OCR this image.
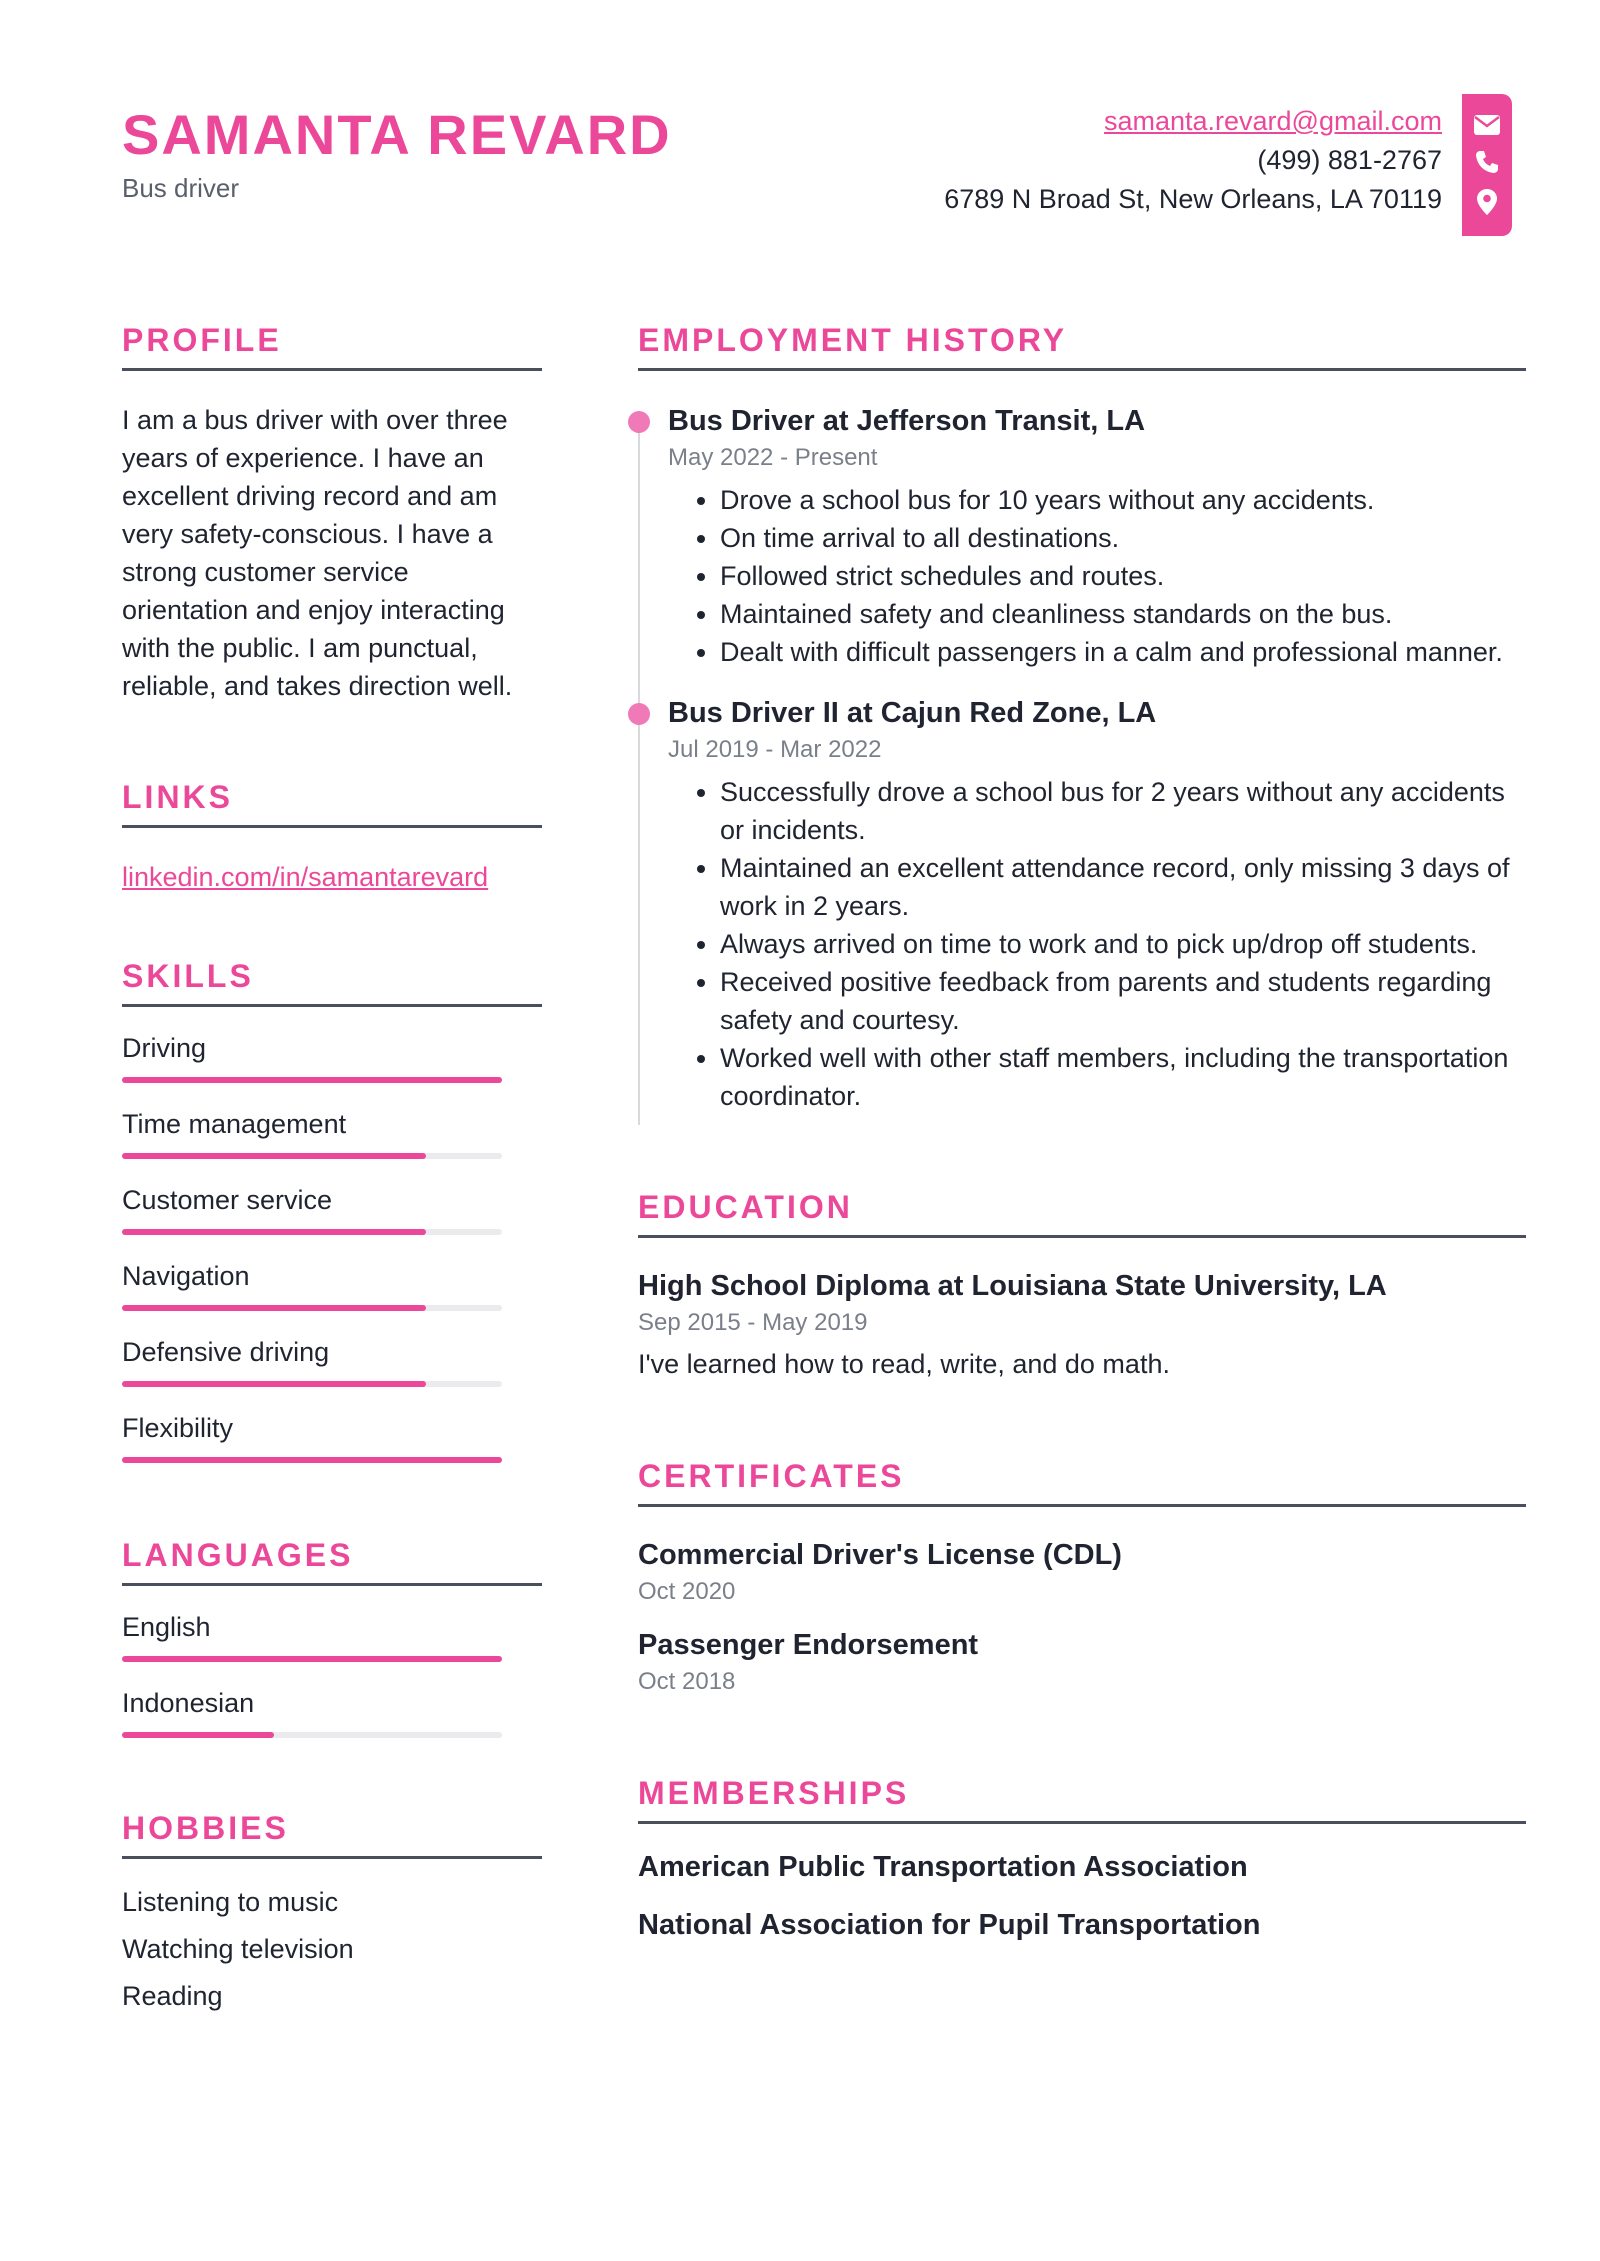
SAMANTA REVARD
Bus driver
samanta.revard@gmail.com
(499) 881-2767
6789 N Broad St, New Orleans, LA 70119
PROFILE
I am a bus driver with over three years of experience. I have an excellent driving record and am very safety-conscious. I have a strong customer service orientation and enjoy interacting with the public. I am punctual, reliable, and takes direction well.
LINKS
linkedin.com/in/samantarevard
SKILLS
Driving
Time management
Customer service
Navigation
Defensive driving
Flexibility
LANGUAGES
English
Indonesian
HOBBIES
Listening to music
Watching television
Reading
EMPLOYMENT HISTORY
Bus Driver at Jefferson Transit, LA
May 2022 - Present
• Drove a school bus for 10 years without any accidents.
• On time arrival to all destinations.
• Followed strict schedules and routes.
• Maintained safety and cleanliness standards on the bus.
• Dealt with difficult passengers in a calm and professional manner.
Bus Driver II at Cajun Red Zone, LA
Jul 2019 - Mar 2022
• Successfully drove a school bus for 2 years without any accidents or incidents.
• Maintained an excellent attendance record, only missing 3 days of work in 2 years.
• Always arrived on time to work and to pick up/drop off students.
• Received positive feedback from parents and students regarding safety and courtesy.
• Worked well with other staff members, including the transportation coordinator.
EDUCATION
High School Diploma at Louisiana State University, LA
Sep 2015 - May 2019
I've learned how to read, write, and do math.
CERTIFICATES
Commercial Driver's License (CDL)
Oct 2020
Passenger Endorsement
Oct 2018
MEMBERSHIPS
American Public Transportation Association
National Association for Pupil Transportation
